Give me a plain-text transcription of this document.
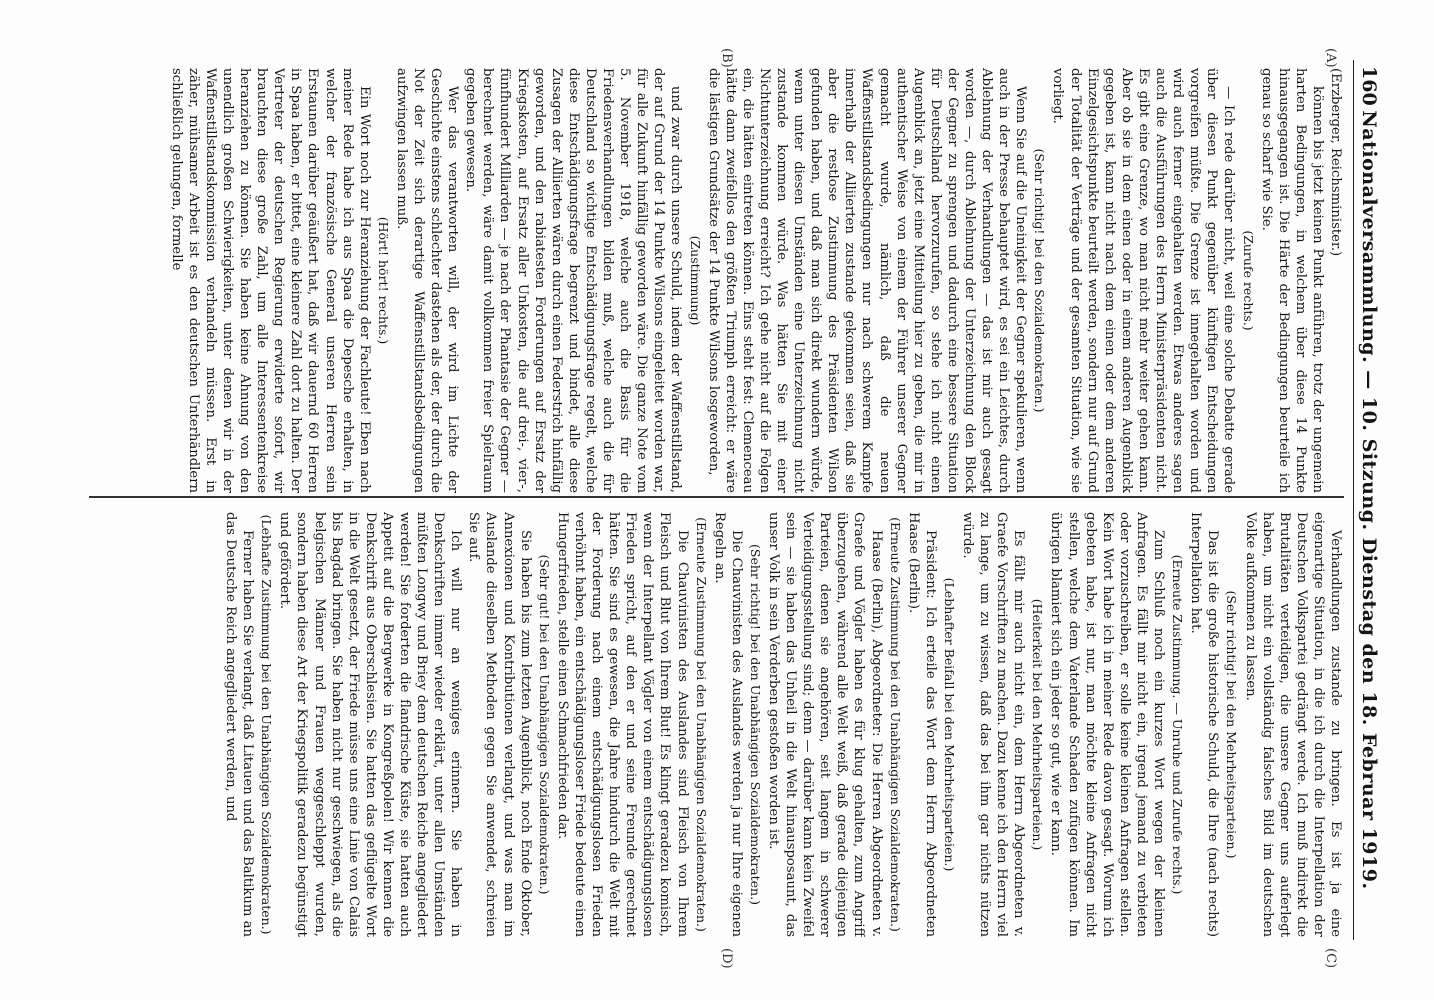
160
Nationalversammlung. — 10. Sitzung. Dienstag den 18. Februar 1919.
(A)
(B)
(C)
(D)

(Erzberger, Reichsminister.)

können bis jetzt keinen Punkt anführen, trotz der ungemein harten Bedingungen, in welchem über diese 14 Punkte hinausgegangen ist. Die Härte der Bedingungen beurteile ich genau so scharf wie Sie.

(Zurufe rechts.)

— Ich rede darüber nicht, weil eine solche Debatte gerade über diesen Punkt gegenüber künftigen Entscheidungen vorgreifen müßte. Die Grenze ist innegehalten worden und wird auch ferner eingehalten werden. Etwas anderes sagen auch die Ausführungen des Herrn Ministerpräsidenten nicht. Es gibt eine Grenze, wo man nicht mehr weiter gehen kann. Aber ob sie in dem einen oder in einem anderen Augenblick gegeben ist, kann nicht nach dem einen oder dem anderen Einzelgesichtspunkte beurteilt werden, sondern nur auf Grund der Totalität der Verträge und der gesamten Situation, wie sie vorliegt.

(Sehr richtig! bei den Sozialdemokraten.)

Wenn Sie auf die Uneinigkeit der Gegner spekulieren, wenn auch in der Presse behauptet wird, es sei ein Leichtes, durch Ablehnung der Verhandlungen — das ist mir auch gesagt worden —, durch Ablehnung der Unterzeichnung den Block der Gegner zu sprengen und dadurch eine bessere Situation für Deutschland hervorzurufen, so stehe ich nicht einen Augenblick an, jetzt eine Mitteilung hier zu geben, die mir in authentischer Weise von einem der Führer unserer Gegner gemacht wurde, nämlich, daß die neuen Waffenstillstandsbedingungen nur nach schwerem Kampfe innerhalb der Alliierten zustande gekommen seien, daß sie aber die restlose Zustimmung des Präsidenten Wilson gefunden haben, und daß man sich direkt wundern würde, wenn unter diesen Umständen eine Unterzeichnung nicht zustande kommen würde. Was hätten Sie mit einer Nichtunterzeichnung erreicht? Ich gehe nicht auf die Folgen ein, die hätten eintreten können. Eins steht fest: Clemenceau hätte dann zweifellos den größten Triumph erreicht: er wäre die lästigen Grundsätze der 14 Punkte Wilsons losgeworden,

(Zustimmung)

und zwar durch unsere Schuld, indem der Waffenstillstand, der auf Grund der 14 Punkte Wilsons eingeleitet worden war, für alle Zukunft hinfällig geworden wäre. Die ganze Note vom 5. November 1918, welche auch die Basis für die Friedensverhandlungen bilden muß, welche auch die für Deutschland so wichtige Entschädigungsfrage regelt, welche diese Entschädigungsfrage begrenzt und bindet, alle diese Zusagen der Alliierten wären durch einen Federstrich hinfällig geworden, und den rabiatesten Forderungen auf Ersatz der Kriegskosten, auf Ersatz aller Unkosten, die auf drei-, vier-, fünfhundert Milliarden — je nach der Phantasie der Gegner — berechnet werden, wäre damit vollkommen freier Spielraum gegeben gewesen.

Wer das verantworten will, der wird im Lichte der Geschichte einstens schlechter dastehen als der, der durch die Not der Zeit sich derartige Waffenstillstandsbedingungen aufzwingen lassen muß.

(Hört! hört! rechts.)

Ein Wort noch zur Heranziehung der Fachleute! Eben nach meiner Rede habe ich aus Spaa die Depesche erhalten, in welcher der französische General unseren Herren sein Erstaunen darüber geäußert hat, daß wir dauernd 60 Herren in Spaa haben, er bittet, eine kleinere Zahl dort zu halten. Der Vertreter der deutschen Regierung erwiderte sofort, wir brauchten diese große Zahl, um alle Interessentenkreise heranziehen zu können. Sie haben keine Ahnung von den unendlich großen Schwierigkeiten, unter denen wir in der Waffenstillstandskommission verhandeln müssen. Erst in zäher, mühsamer Arbeit ist es den deutschen Unterhändlern schließlich gelungen, formelle

Verhandlungen zustande zu bringen. Es ist ja eine eigenartige Situation, in die ich durch die Interpellation der Deutschen Volkspartei gedrängt werde. Ich muß indirekt die Brutalitäten verteidigen, die unsere Gegner uns auferlegt haben, um nicht ein vollständig falsches Bild im deutschen Volke aufkommen zu lassen.

(Sehr richtig! bei den Mehrheitsparteien.)

Das ist die große historische Schuld, die Ihre (nach rechts) Interpellation hat.

(Erneute Zustimmung. — Unruhe und Zurufe rechts.)

Zum Schluß noch ein kurzes Wort wegen der kleinen Anfragen. Es fällt mir nicht ein, irgend jemand zu verbieten oder vorzuschreiben, er solle keine kleinen Anfragen stellen. Kein Wort habe ich in meiner Rede davon gesagt. Worum ich gebeten habe, ist nur, man möchte kleine Anfragen nicht stellen, welche dem Vaterlande Schaden zufügen können. Im übrigen blamiert sich ein jeder so gut, wie er kann.

(Heiterkeit bei den Mehrheitsparteien.)

Es fällt mir auch nicht ein, dem Herrn Abgeordneten v. Graefe Vorschriften zu machen. Dazu kenne ich den Herrn viel zu lange, um zu wissen, daß das bei ihm gar nichts nützen würde.

(Lebhafter Beifall bei den Mehrheitsparteien.)

Präsident: Ich erteile das Wort dem Herrn Abgeordneten Haase (Berlin).

(Erneute Zustimmung bei den Unabhängigen Sozialdemokraten.)

Haase (Berlin), Abgeordneter: Die Herren Abgeordneten v. Graefe und Vögler haben es für klug gehalten, zum Angriff überzugehen, während alle Welt weiß, daß gerade diejenigen Parteien, denen sie angehören, seit langem in schwerer Verteidigungsstellung sind; denn — darüber kann kein Zweifel sein — sie haben das Unheil in die Welt hinausposaunt, das unser Volk in sein Verderben gestoßen worden ist.

(Sehr richtig! bei den Unabhängigen Sozialdemokraten.)

Die Chauvinisten des Auslandes werden ja nur Ihre eigenen Regeln an.

(Erneute Zustimmung bei den Unabhängigen Sozialdemokraten.)

Die Chauvinisten des Auslandes sind Fleisch von Ihrem Fleisch und Blut von Ihrem Blut! Es klingt geradezu komisch, wenn der Interpellant Vögler von einem entschädigungslosen Frieden spricht, auf den er und seine Freunde gerechnet hätten. Sie sind es gewesen, die Jahre hindurch die Welt mit der Forderung nach einem entschädigungslosen Frieden verhöhnt haben, ein entschädigungsloser Friede bedeute einen Hungerfrieden, stelle einen Schmachfrieden dar.

(Sehr gut! bei den Unabhängigen Sozialdemokraten.)

Sie haben bis zum letzten Augenblick, noch Ende Oktober, Annexionen und Kontributionen verlangt, und was man im Auslande dieselben Methoden gegen Sie anwendet, schreien Sie auf.

Ich will nur an weniges erinnern. Sie haben in Denkschriften immer wieder erklärt, unter allen Umständen müßten Longwy und Briey dem deutschen Reiche angegliedert werden! Sie forderten die flandrische Küste, sie hatten auch Appetit auf die Bergwerke in Kongreßpolen! Wir kennen die Denkschrift aus Oberschlesien. Sie hatten das geflügelte Wort in die Welt gesetzt, der Friede müsse uns eine Linie von Calais bis Bagdad bringen. Sie haben nicht nur geschwiegen, als die belgischen Männer und Frauen weggeschleppt wurden, sondern haben diese Art der Kriegspolitik geradezu begünstigt und gefördert.

(Lebhafte Zustimmung bei den Unabhängigen Sozialdemokraten.)

Ferner haben Sie verlangt, daß Litauen und das Baltikum an das Deutsche Reich angegliedert werden, und
